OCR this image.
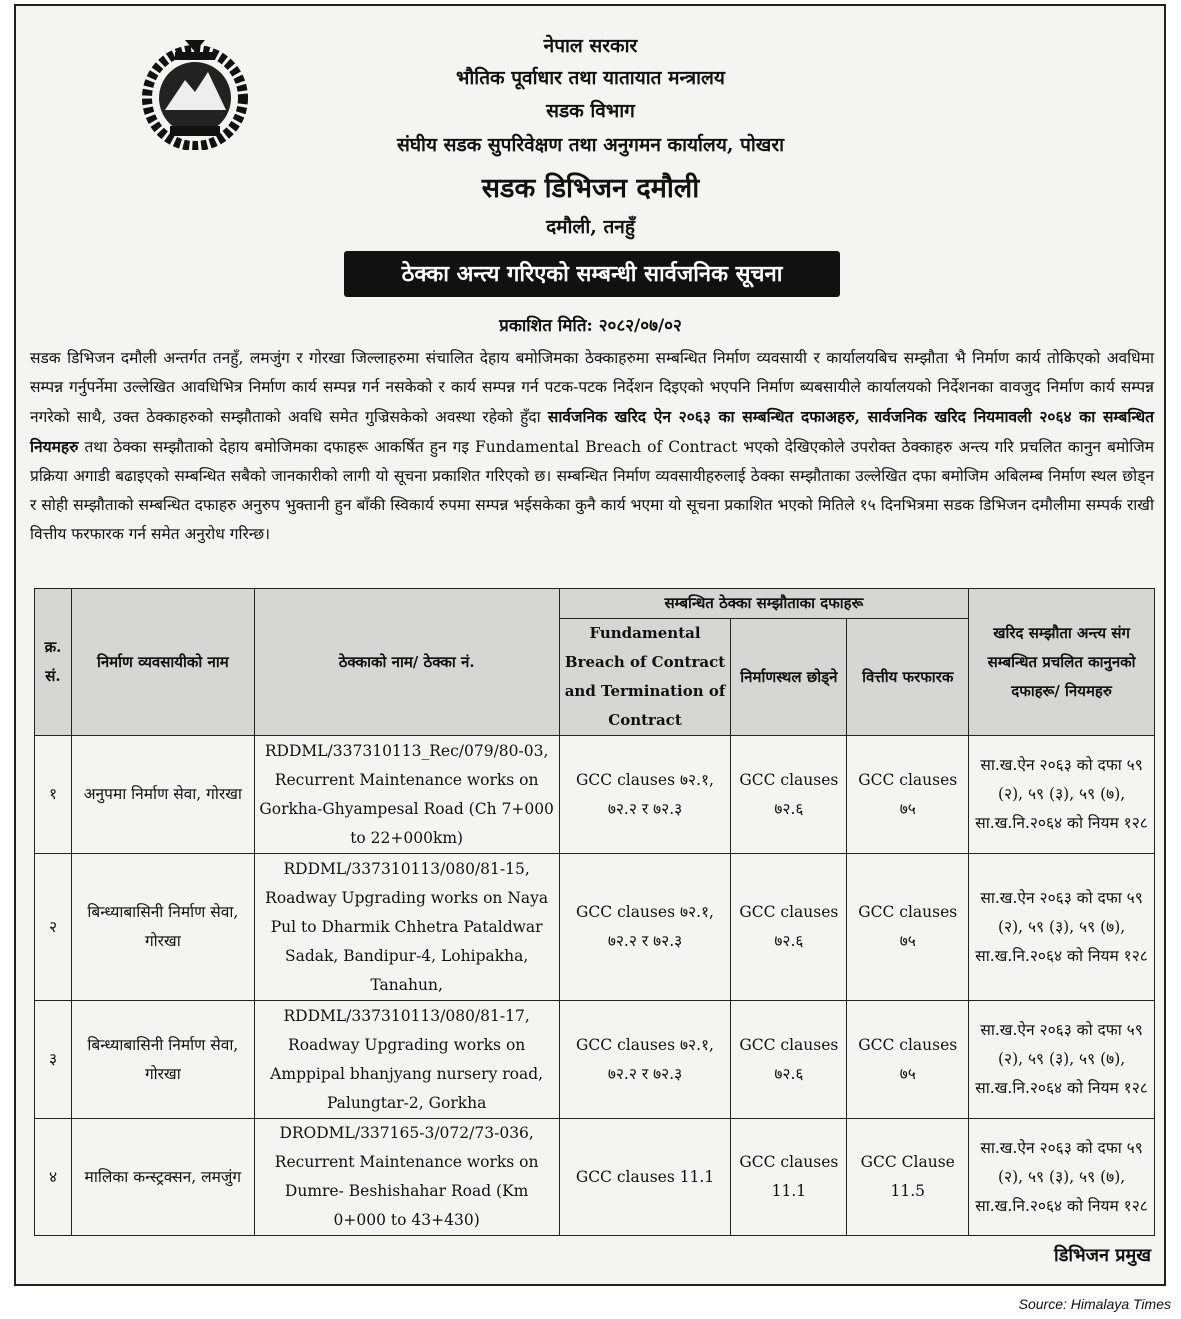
नेपाल सरकार
भौतिक पूर्वाधार तथा यातायात मन्त्रालय
सडक विभाग
संघीय सडक सुपरिवेक्षण तथा अनुगमन कार्यालय, पोखरा
सडक डिभिजन दमौली
दमौली, तनहुँ
ठेक्का अन्त्य गरिएको सम्बन्धी सार्वजनिक सूचना
प्रकाशित मिति: २०८२/०७/०२
सडक डिभिजन दमौली अन्तर्गत तनहुँ, लमजुंग र गोरखा जिल्लाहरुमा संचालित देहाय बमोजिमका ठेक्काहरुमा सम्बन्धित निर्माण व्यवसायी र कार्यालयबिच सम्झौता भै निर्माण कार्य तोकिएको अवधिमा सम्पन्न गर्नुपर्नेमा उल्लेखित आवधिभित्र निर्माण कार्य सम्पन्न गर्न नसकेको र कार्य सम्पन्न गर्न पटक-पटक निर्देशन दिइएको भएपनि निर्माण ब्यबसायीले कार्यालयको निर्देशनका वावजुद निर्माण कार्य सम्पन्न नगरेको साथै, उक्त ठेक्काहरुको सम्झौताको अवधि समेत गुज्रिसकेको अवस्था रहेको हुँदा सार्वजनिक खरिद ऐन २०६३ का सम्बन्धित दफाअहरु, सार्वजनिक खरिद नियमावली २०६४ का सम्बन्धित नियमहरु तथा ठेक्का सम्झौताको देहाय बमोजिमका दफाहरू आकर्षित हुन गइ Fundamental Breach of Contract भएको देखिएकोले उपरोक्त ठेक्काहरु अन्त्य गरि प्रचलित कानुन बमोजिम प्रक्रिया अगाडी बढाइएको सम्बन्धित सबैको जानकारीको लागी यो सूचना प्रकाशित गरिएको छ। सम्बन्धित निर्माण व्यवसायीहरुलाई ठेक्का सम्झौताका उल्लेखित दफा बमोजिम अबिलम्ब निर्माण स्थल छोड्न र सोही सम्झौताको सम्बन्धित दफाहरु अनुरुप भुक्तानी हुन बाँकी स्विकार्य रुपमा सम्पन्न भईसकेका कुनै कार्य भएमा यो सूचना प्रकाशित भएको मितिले १५ दिनभित्रमा सडक डिभिजन दमौलीमा सम्पर्क राखी वित्तीय फरफारक गर्न समेत अनुरोध गरिन्छ।
क्र. सं.	निर्माण व्यवसायीको नाम	ठेक्काको नाम/ ठेक्का नं.	सम्बन्धित ठेक्का सम्झौताका दफाहरू			खरिद सम्झौता अन्त्य संग सम्बन्धित प्रचलित कानुनको दफाहरू/ नियमहरु
			Fundamental Breach of Contract and Termination of Contract	निर्माणस्थल छोड्ने	वित्तीय फरफारक	
१	अनुपमा निर्माण सेवा, गोरखा	RDDML/337310113_Rec/079/80-03, Recurrent Maintenance works on Gorkha-Ghyampesal Road (Ch 7+000 to 22+000km)	GCC clauses ७२.१, ७२.२ र ७२.३	GCC clauses ७२.६	GCC clauses ७५	सा.ख.ऐन २०६३ को दफा ५९ (२), ५९ (३), ५९ (७), सा.ख.नि.२०६४ को नियम १२८
२	बिन्ध्याबासिनी निर्माण सेवा, गोरखा	RDDML/337310113/080/81-15, Roadway Upgrading works on Naya Pul to Dharmik Chhetra Pataldwar Sadak, Bandipur-4, Lohipakha, Tanahun,	GCC clauses ७२.१, ७२.२ र ७२.३	GCC clauses ७२.६	GCC clauses ७५	सा.ख.ऐन २०६३ को दफा ५९ (२), ५९ (३), ५९ (७), सा.ख.नि.२०६४ को नियम १२८
३	बिन्ध्याबासिनी निर्माण सेवा, गोरखा	RDDML/337310113/080/81-17, Roadway Upgrading works on Amppipal bhanjyang nursery road, Palungtar-2, Gorkha	GCC clauses ७२.१, ७२.२ र ७२.३	GCC clauses ७२.६	GCC clauses ७५	सा.ख.ऐन २०६३ को दफा ५९ (२), ५९ (३), ५९ (७), सा.ख.नि.२०६४ को नियम १२८
४	मालिका कन्स्ट्रक्सन, लमजुंग	DRODML/337165-3/072/73-036, Recurrent Maintenance works on Dumre- Beshishahar Road (Km 0+000 to 43+430)	GCC clauses 11.1	GCC clauses 11.1	GCC Clause 11.5	सा.ख.ऐन २०६३ को दफा ५९ (२), ५९ (३), ५९ (७), सा.ख.नि.२०६४ को नियम १२८
डिभिजन प्रमुख
Source: Himalaya Times
